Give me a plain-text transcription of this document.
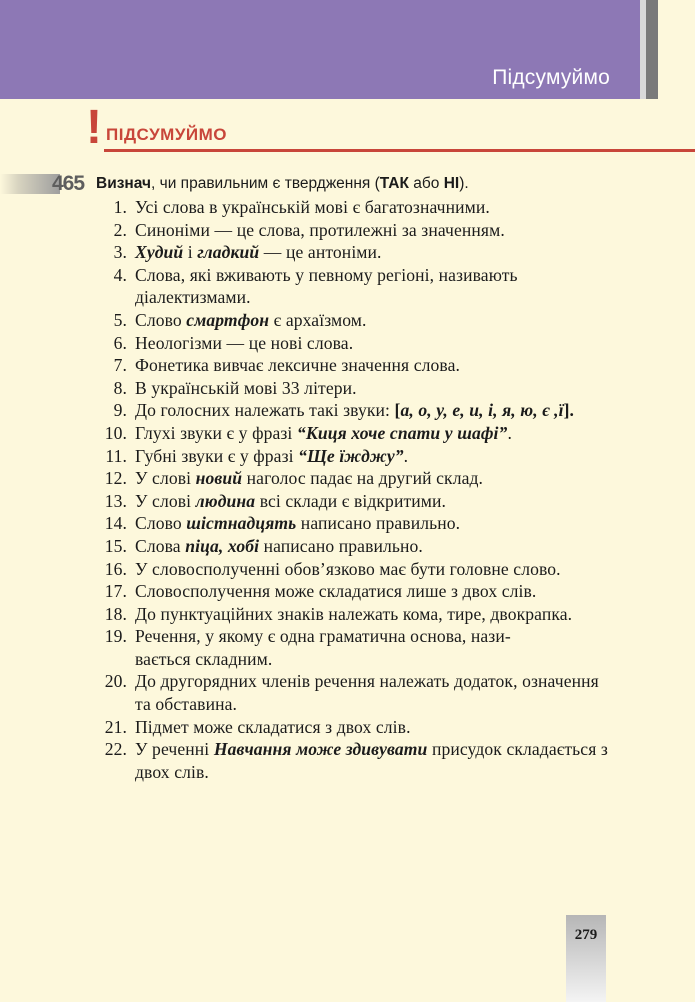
Підсумуймо
! ПІДСУМУЙМО
465 Визнач, чи правильним є твердження (ТАК або НІ).
1. Усі слова в українській мові є багатозначними.
2. Синоніми — це слова, протилежні за значенням.
3. Худий і гладкий — це антоніми.
4. Слова, які вживають у певному регіоні, називають діалектизмами.
5. Слово смартфон є архаїзмом.
6. Неологізми — це нові слова.
7. Фонетика вивчає лексичне значення слова.
8. В українській мові 33 літери.
9. До голосних належать такі звуки: [а, о, у, е, и, і, я, ю, є ,ї].
10. Глухі звуки є у фразі “Киця хоче спати у шафі”.
11. Губні звуки є у фразі “Ще їжджу”.
12. У слові новий наголос падає на другий склад.
13. У слові людина всі склади є відкритими.
14. Слово шістнадцять написано правильно.
15. Слова піца, хобі написано правильно.
16. У словосполученні обов’язково має бути головне слово.
17. Словосполучення може складатися лише з двох слів.
18. До пунктуаційних знаків належать кома, тире, двокрапка.
19. Речення, у якому є одна граматична основа, нази-
вається складним.
20. До другорядних членів речення належать додаток, означення та обставина.
21. Підмет може складатися з двох слів.
22. У реченні Навчання може здивувати присудок складається з двох слів.
279
